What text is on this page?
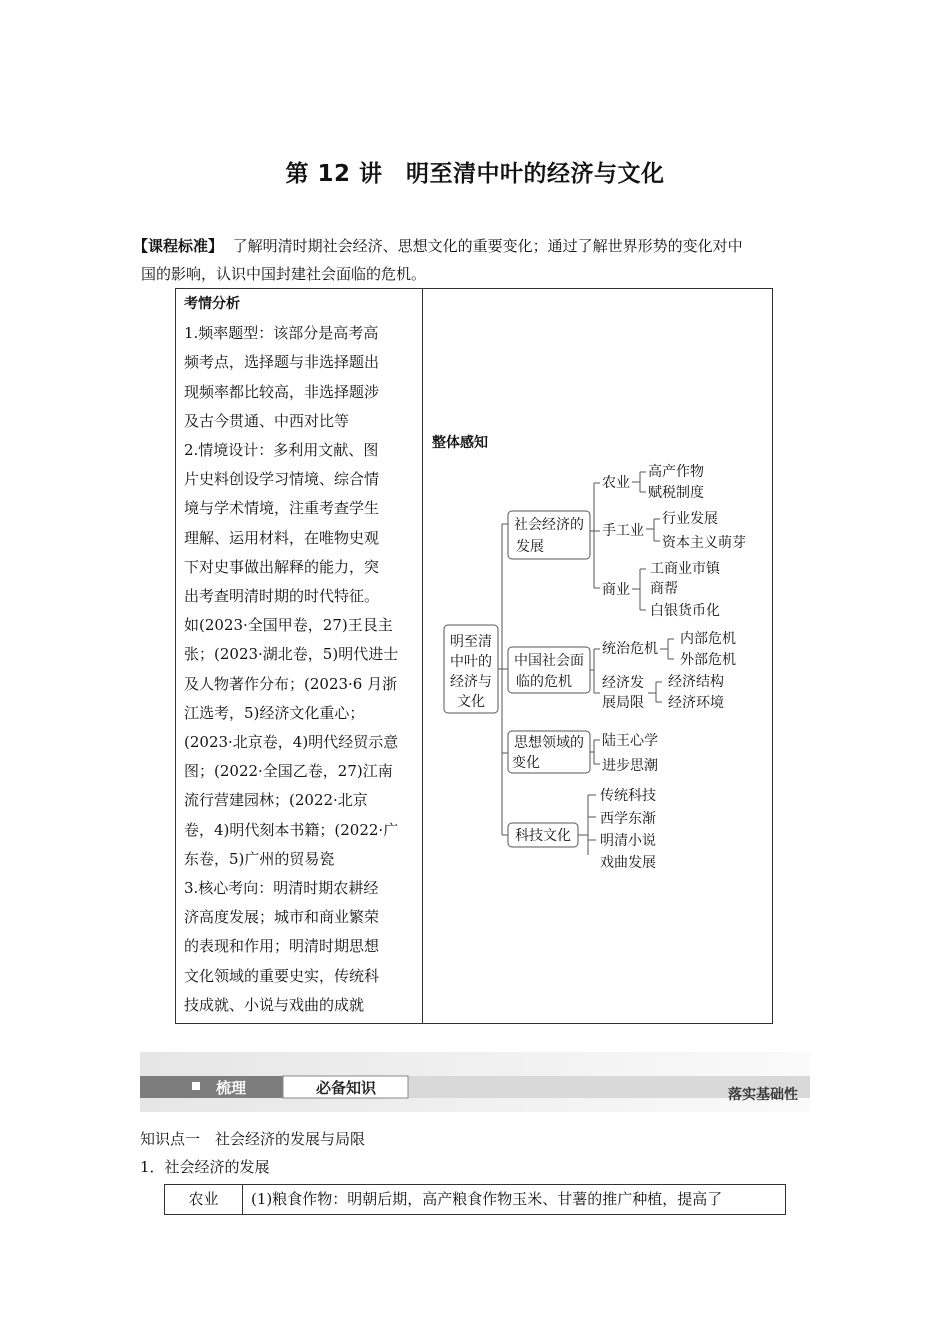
第 12 讲　明至清中叶的经济与文化
【课程标准】 了解明清时期社会经济、思想文化的重要变化；通过了解世界形势的变化对中
国的影响，认识中国封建社会面临的危机。

考情分析

1.频率题型：该部分是高考高

频考点，选择题与非选择题出

现频率都比较高，非选择题涉

及古今贯通、中西对比等

2.情境设计：多利用文献、图

片史料创设学习情境、综合情

境与学术情境，注重考查学生

理解、运用材料，在唯物史观

下对史事做出解释的能力，突

出考查明清时期的时代特征。

如(2023·全国甲卷，27)王艮主

张；(2023·湖北卷，5)明代进士

及人物著作分布；(2023·6 月浙

江选考，5)经济文化重心；

(2023·北京卷，4)明代经贸示意

图；(2022·全国乙卷，27)江南

流行营建园林；(2022·北京

卷，4)明代刻本书籍；(2022·广

东卷，5)广州的贸易瓷

3.核心考向：明清时期农耕经

济高度发展；城市和商业繁荣

的表现和作用；明清时期思想

文化领域的重要史实，传统科

技成就、小说与戏曲的成就

整体感知
明至清
中叶的
经济与
文化
社会经济的
发展
农业
高产作物
赋税制度
手工业
行业发展
资本主义萌芽
商业
工商业市镇
商帮
白银货币化
中国社会面
临的危机
统治危机
内部危机
外部危机
经济发
展局限
经济结构
经济环境
思想领域的
变化
陆王心学
进步思潮
科技文化
传统科技
西学东渐
明清小说
戏曲发展
梳理	必备知识	落实基础性
知识点一　社会经济的发展与局限
1．社会经济的发展
农业	(1)粮食作物：明朝后期，高产粮食作物玉米、甘薯的推广种植，提高了
